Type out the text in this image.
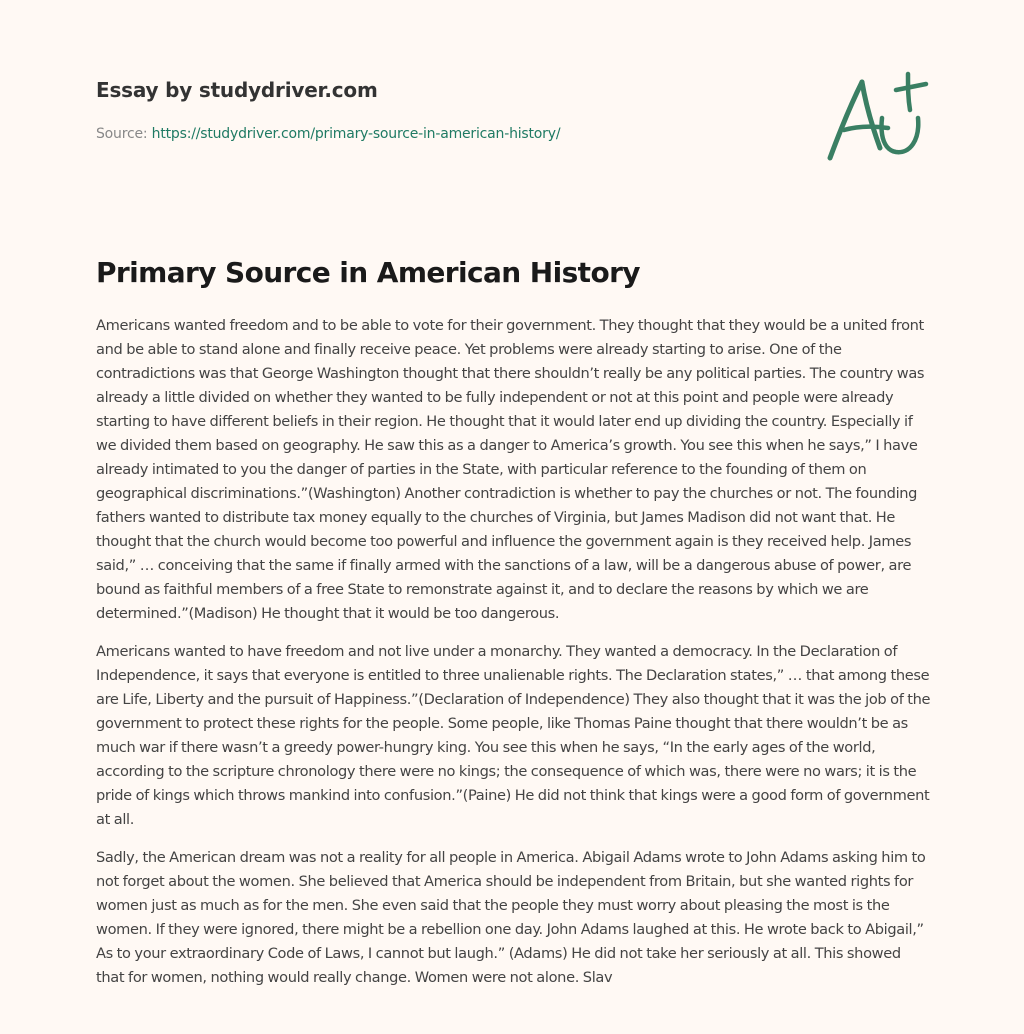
Essay by studydriver.com
Source: https://studydriver.com/primary-source-in-american-history/
Primary Source in American History

Americans wanted freedom and to be able to vote for their government. They thought that they would be a united front and be able to stand alone and finally receive peace. Yet problems were already starting to arise. One of the contradictions was that George Washington thought that there shouldn’t really be any political parties. The country was already a little divided on whether they wanted to be fully independent or not at this point and people were already starting to have different beliefs in their region. He thought that it would later end up dividing the country. Especially if we divided them based on geography. He saw this as a danger to America’s growth. You see this when he says,” I have already intimated to you the danger of parties in the State, with particular reference to the founding of them on geographical discriminations.”(Washington) Another contradiction is whether to pay the churches or not. The founding fathers wanted to distribute tax money equally to the churches of Virginia, but James Madison did not want that. He thought that the church would become too powerful and influence the government again is they received help. James said,” … conceiving that the same if finally armed with the sanctions of a law, will be a dangerous abuse of power, are bound as faithful members of a free State to remonstrate against it, and to declare the reasons by which we are determined.”(Madison) He thought that it would be too dangerous.

Americans wanted to have freedom and not live under a monarchy. They wanted a democracy. In the Declaration of Independence, it says that everyone is entitled to three unalienable rights. The Declaration states,” … that among these are Life, Liberty and the pursuit of Happiness.”(Declaration of Independence) They also thought that it was the job of the government to protect these rights for the people. Some people, like Thomas Paine thought that there wouldn’t be as much war if there wasn’t a greedy power-hungry king. You see this when he says, “In the early ages of the world, according to the scripture chronology there were no kings; the consequence of which was, there were no wars; it is the pride of kings which throws mankind into confusion.”(Paine) He did not think that kings were a good form of government at all.

Sadly, the American dream was not a reality for all people in America. Abigail Adams wrote to John Adams asking him to not forget about the women. She believed that America should be independent from Britain, but she wanted rights for women just as much as for the men. She even said that the people they must worry about pleasing the most is the women. If they were ignored, there might be a rebellion one day. John Adams laughed at this. He wrote back to Abigail,” As to your extraordinary Code of Laws, I cannot but laugh.” (Adams) He did not take her seriously at all. This showed that for women, nothing would really change. Women were not alone. Slav
